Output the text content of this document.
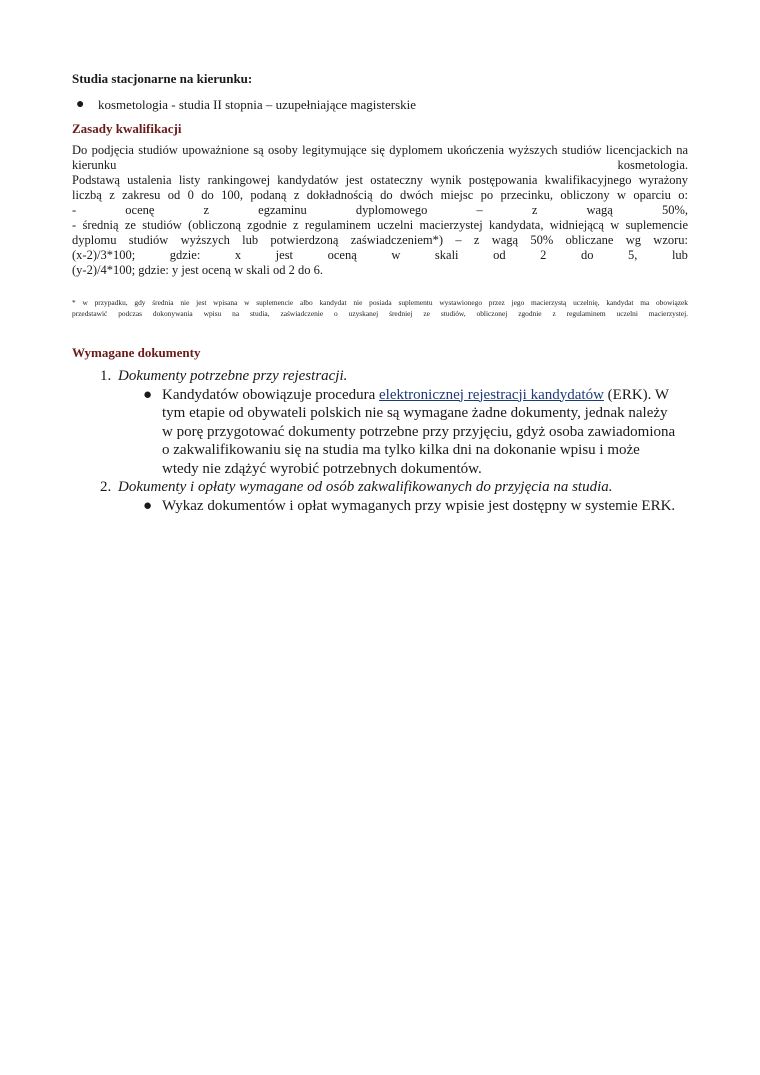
Studia stacjonarne na kierunku:
● kosmetologia - studia II stopnia – uzupełniające magisterskie
Zasady kwalifikacji
Do podjęcia studiów upoważnione są osoby legitymujące się dyplomem ukończenia wyższych studiów licencjackich na
kierunku	kosmetologia.
Podstawą ustalenia listy rankingowej kandydatów jest ostateczny wynik postępowania kwalifikacyjnego wyrażony
liczbą z zakresu od 0 do 100, podaną z dokładnością do dwóch miejsc po przecinku, obliczony w oparciu o:
-	ocenę	z	egzaminu	dyplomowego	–	z	wagą	50%,
- średnią ze studiów (obliczoną zgodnie z regulaminem uczelni macierzystej kandydata, widniejącą w suplemencie
dyplomu studiów wyższych lub potwierdzoną zaświadczeniem*) – z wagą 50% obliczane wg wzoru:
(x-2)/3*100;	gdzie:	x	jest	oceną	w	skali	od	2	do	5,	lub
(y-2)/4*100; gdzie: y jest oceną w skali od 2 do 6.
* w przypadku, gdy średnia nie jest wpisana w suplemencie albo kandydat nie posiada suplementu wystawionego przez jego macierzystą uczelnię, kandydat ma obowiązek
przedstawić podczas dokonywania wpisu na studia, zaświadczenie o uzyskanej średniej ze studiów, obliczonej zgodnie z regulaminem uczelni macierzystej.
Wymagane dokumenty
1. Dokumenty potrzebne przy rejestracji.
● Kandydatów obowiązuje procedura elektronicznej rejestracji kandydatów (ERK). W
tym etapie od obywateli polskich nie są wymagane żadne dokumenty, jednak należy
w porę przygotować dokumenty potrzebne przy przyjęciu, gdyż osoba zawiadomiona
o zakwalifikowaniu się na studia ma tylko kilka dni na dokonanie wpisu i może
wtedy nie zdążyć wyrobić potrzebnych dokumentów.
2. Dokumenty i opłaty wymagane od osób zakwalifikowanych do przyjęcia na studia.
● Wykaz dokumentów i opłat wymaganych przy wpisie jest dostępny w systemie ERK.
